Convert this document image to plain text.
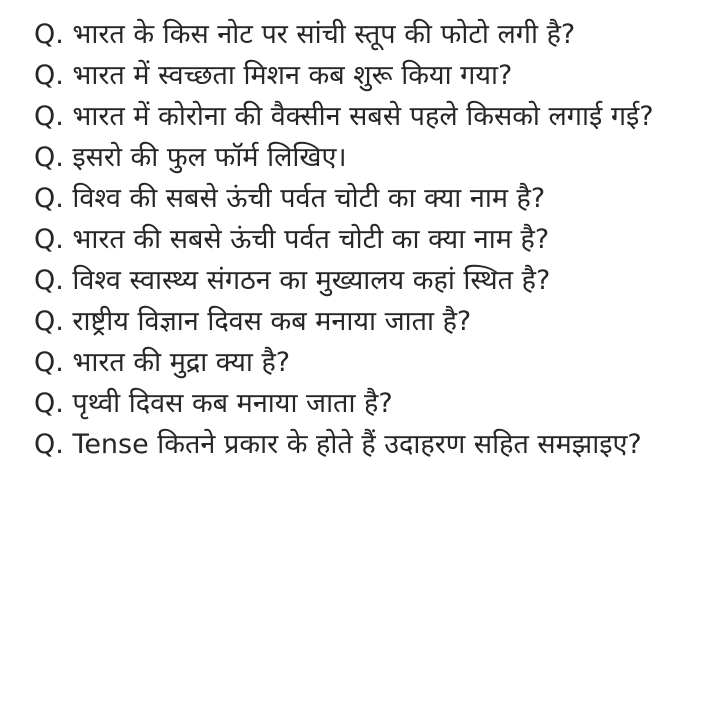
Q. भारत के किस नोट पर सांची स्तूप की फोटो लगी है?

Q. भारत में स्वच्छता मिशन कब शुरू किया गया?

Q. भारत में कोरोना की वैक्सीन सबसे पहले किसको लगाई गई?

Q. इसरो की फुल फॉर्म लिखिए।

Q. विश्व की सबसे ऊंची पर्वत चोटी का क्या नाम है?

Q. भारत की सबसे ऊंची पर्वत चोटी का क्या नाम है?

Q. विश्व स्वास्थ्य संगठन का मुख्यालय कहां स्थित है?

Q. राष्ट्रीय विज्ञान दिवस कब मनाया जाता है?

Q. भारत की मुद्रा क्या है?

Q. पृथ्वी दिवस कब मनाया जाता है?

Q. Tense कितने प्रकार के होते हैं उदाहरण सहित समझाइए?
